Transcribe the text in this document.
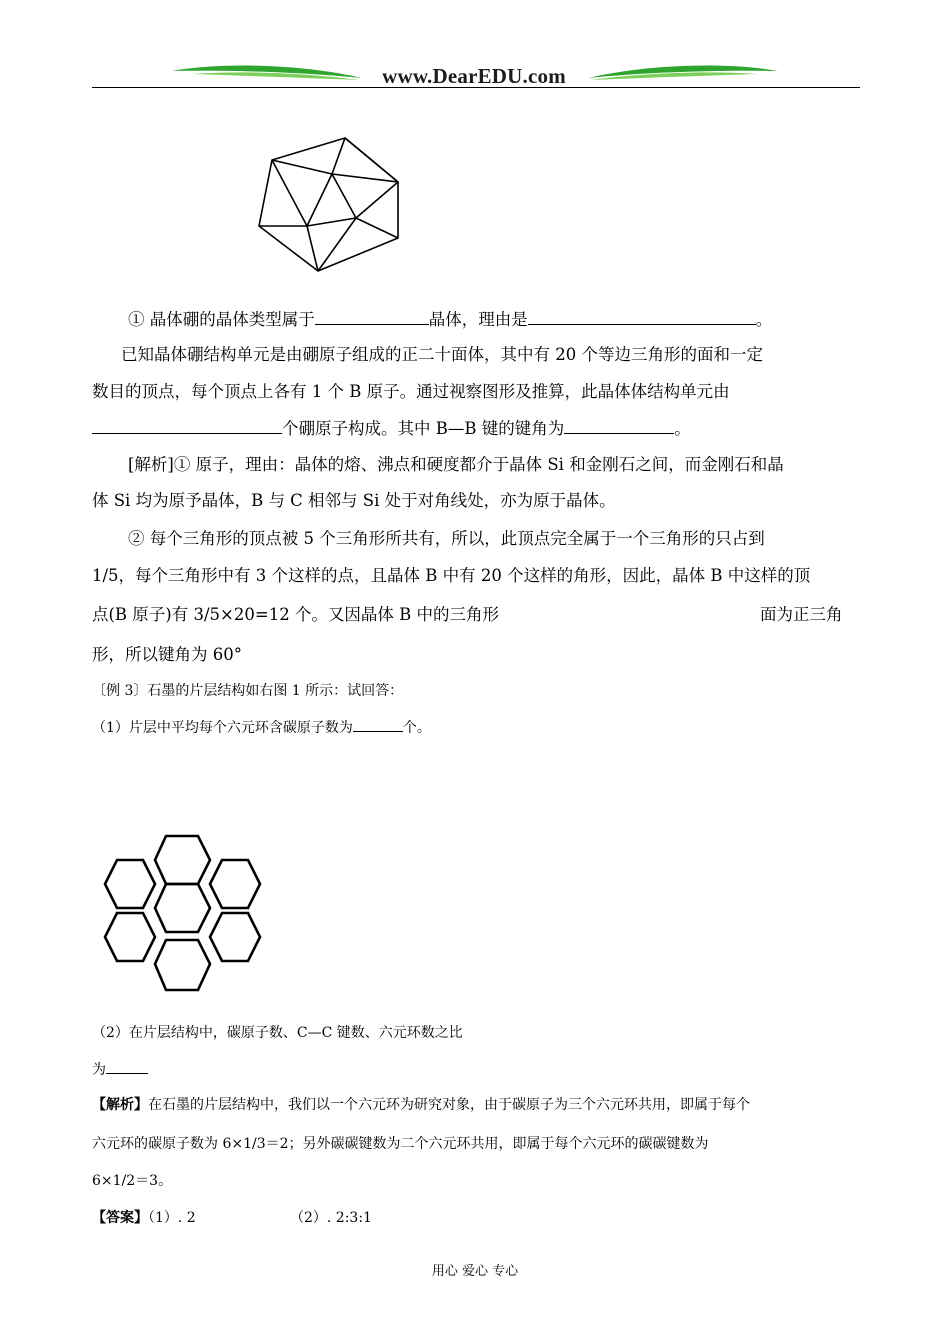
www.DearEDU.com
① 晶体硼的晶体类型属于	晶体，理由是	。
已知晶体硼结构单元是由硼原子组成的正二十面体，其中有 20 个等边三角形的面和一定
数目的顶点，每个顶点上各有 1 个 B 原子。通过视察图形及推算，此晶体体结构单元由
个硼原子构成。其中 B—B 键的键角为	。
[解析]① 原子，理由：晶体的熔、沸点和硬度都介于晶体 Si 和金刚石之间，而金刚石和晶
体 Si 均为原予晶体，B 与 C 相邻与 Si 处于对角线处，亦为原于晶体。
② 每个三角形的顶点被 5 个三角形所共有，所以，此顶点完全属于一个三角形的只占到
1/5，每个三角形中有 3 个这样的点，且晶体 B 中有 20 个这样的角形，因此，晶体 B 中这样的顶
点(B 原子)有 3/5×20=12 个。又因晶体 B 中的三角形	面为正三角
形，所以键角为 60°
〔例 3〕石墨的片层结构如右图 1 所示：试回答：
（1）片层中平均每个六元环含碳原子数为	个。
（2）在片层结构中，碳原子数、C—C 键数、六元环数之比
为
【解析】在石墨的片层结构中，我们以一个六元环为研究对象，由于碳原子为三个六元环共用，即属于每个
六元环的碳原子数为 6×1/3＝2；另外碳碳键数为二个六元环共用，即属于每个六元环的碳碳键数为
6×1/2＝3。
【答案】（1）. 2	（2）. 2:3:1
用心 爱心 专心
